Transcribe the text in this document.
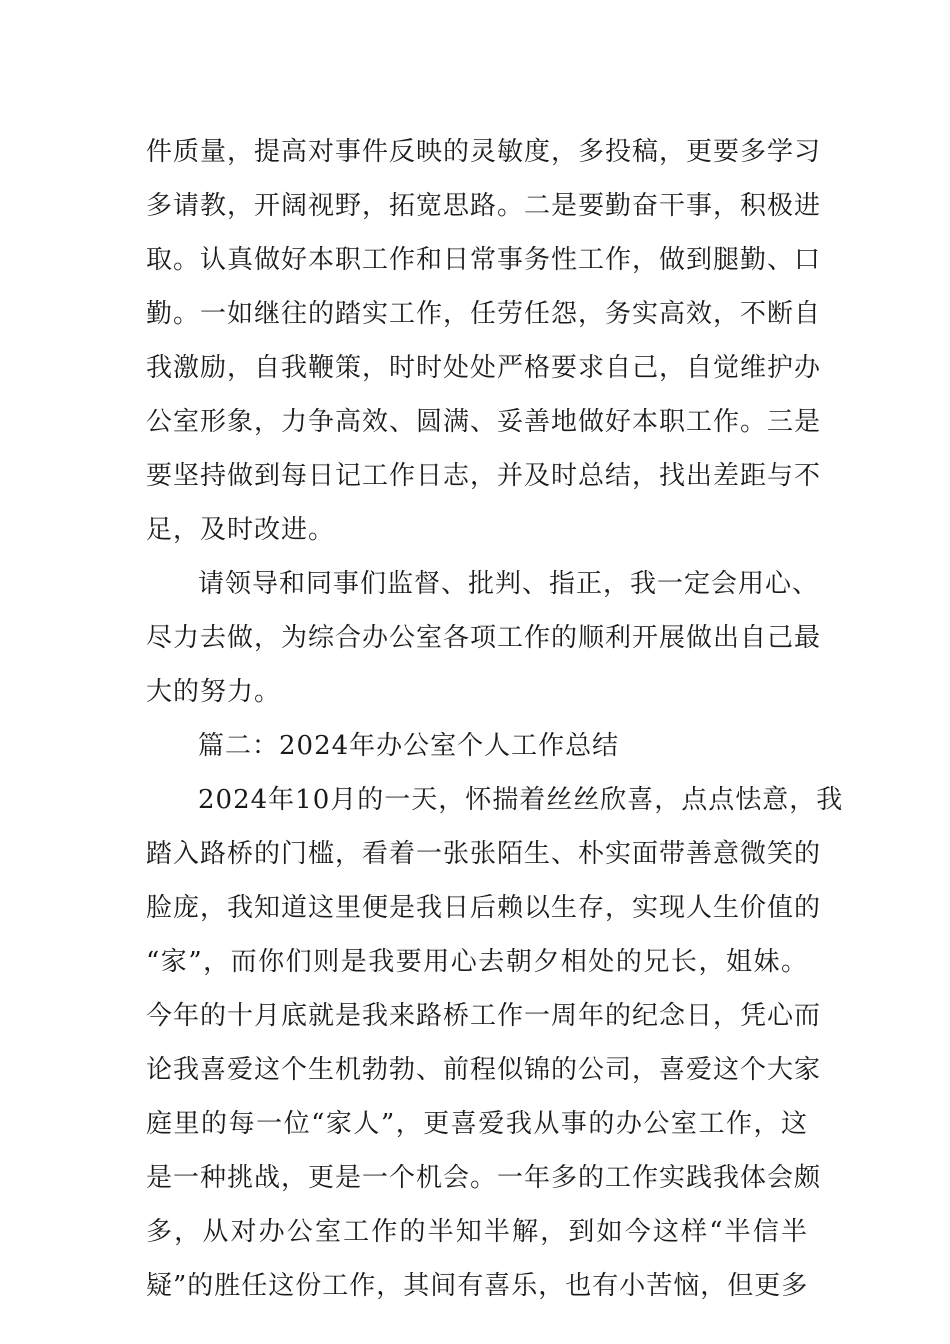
件质量，提高对事件反映的灵敏度，多投稿，更要多学习
多请教，开阔视野，拓宽思路。二是要勤奋干事，积极进
取。认真做好本职工作和日常事务性工作，做到腿勤、口
勤。一如继往的踏实工作，任劳任怨，务实高效，不断自
我激励，自我鞭策，时时处处严格要求自己，自觉维护办
公室形象，力争高效、圆满、妥善地做好本职工作。三是
要坚持做到每日记工作日志，并及时总结，找出差距与不
足，及时改进。
请领导和同事们监督、批判、指正，我一定会用心、
尽力去做，为综合办公室各项工作的顺利开展做出自己最
大的努力。
篇二：2024年办公室个人工作总结
2024年10月的一天，怀揣着丝丝欣喜，点点怯意，我
踏入路桥的门槛，看着一张张陌生、朴实面带善意微笑的
脸庞，我知道这里便是我日后赖以生存，实现人生价值的
“家”，而你们则是我要用心去朝夕相处的兄长，姐妹。
今年的十月底就是我来路桥工作一周年的纪念日，凭心而
论我喜爱这个生机勃勃、前程似锦的公司，喜爱这个大家
庭里的每一位“家人”，更喜爱我从事的办公室工作，这
是一种挑战，更是一个机会。一年多的工作实践我体会颇
多，从对办公室工作的半知半解，到如今这样“半信半
疑”的胜任这份工作，其间有喜乐，也有小苦恼，但更多
